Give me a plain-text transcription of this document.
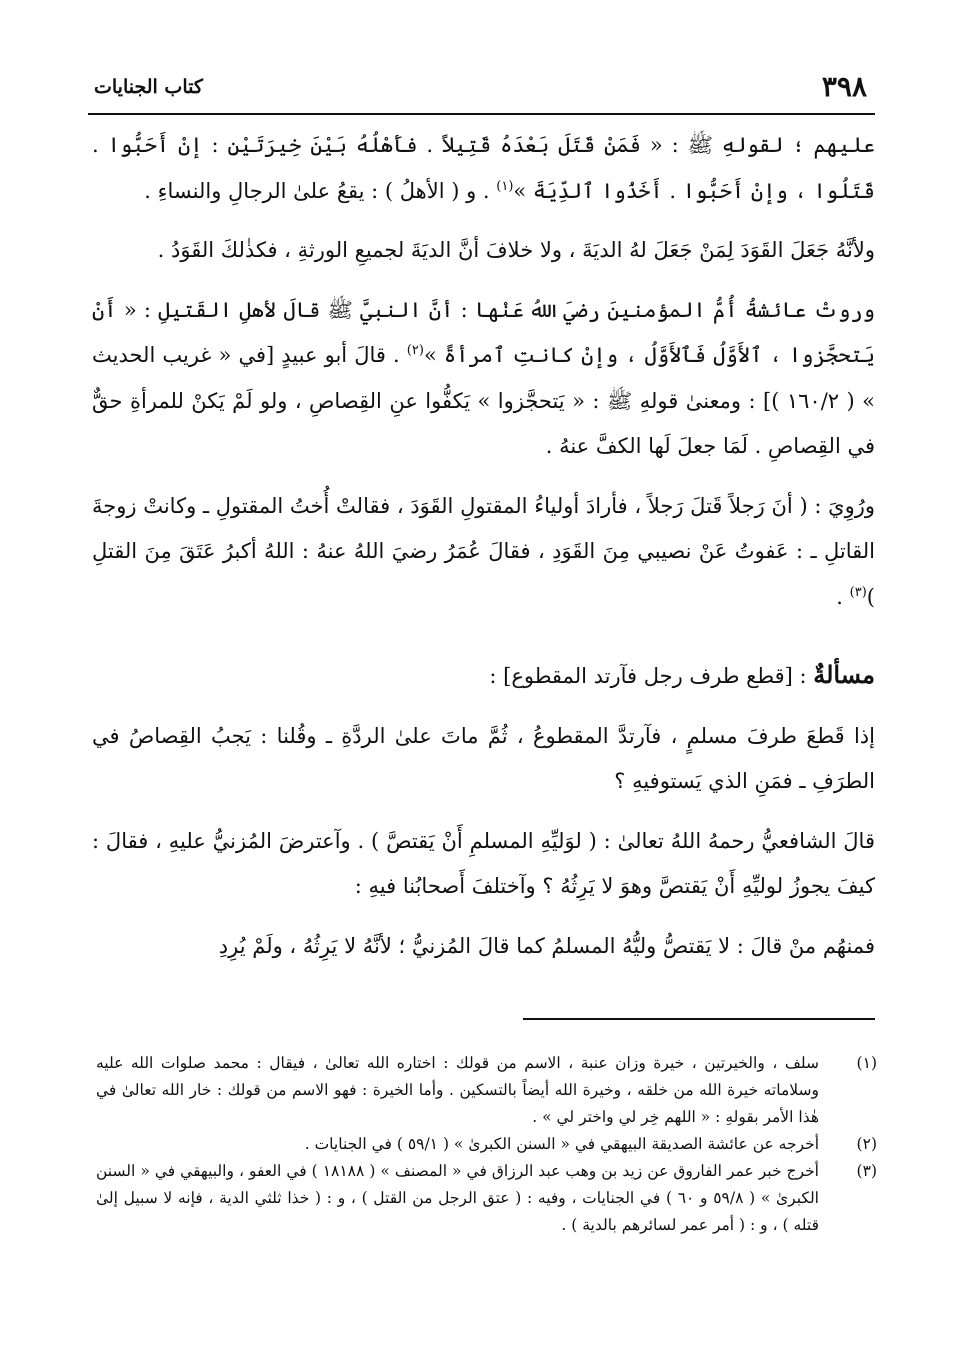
٣٩٨
كتاب الجنايات

عليهم ؛ لقولهِ ﷺ : « فَمَنْ قَتَلَ بَعْدَهُ قَتِيلاً . فأَهْلُهُ بَيْنَ خِيرَتَيْنِ : إنْ أَحَبُّوا . قَتَلُوا ، وإنْ أَحَبُّوا . أَخَذُوا ٱلدِّيَةَ »$^{(١)}$ . و ( الأهلُ ) : يقعُ علىٰ الرجالِ والنساءِ .

ولأنَّهُ جَعَلَ القَوَدَ لِمَنْ جَعَلَ لهُ الديَةَ ، ولا خلافَ أنَّ الديَةَ لجميعِ الورثةِ ، فكذٰلكَ القَوَدُ .

وروتْ عائشةُ أُمُّ المؤمنينَ رضيَ اللهُ عَنْها : أنَّ النبيَّ ﷺ قالَ لأهلِ القَتيلِ : « أَنْ يَتحجَّزوا ، ٱلأَوَّلُ فَٱلأَوَّلُ ، وإنْ كانتِ ٱمرأةً »$^{(٢)}$ . قالَ أبو عبيدٍ [في « غريب الحديث » ( ١٦٠/٢ )] : ومعنىٰ قولهِ ﷺ : « يَتحجَّزوا » يَكفُّوا عنِ القِصاصِ ، ولو لَمْ يَكنْ للمرأةِ حقٌّ في القِصاصِ . لَمَا جعلَ لَها الكفَّ عنهُ .

ورُوِيَ : ( أنَ رَجلاً قَتلَ رَجلاً ، فأرادَ أولياءُ المقتولِ القَوَدَ ، فقالتْ أُختُ المقتولِ ـ وكانتْ زوجةَ القاتلِ ـ : عَفوتُ عَنْ نصيبي مِنَ القَوَدِ ، فقالَ عُمَرُ رضيَ اللهُ عنهُ : اللهُ أكبرُ عَتَقَ مِنَ القتلِ )$^{(٣)}$ .

مسألةٌ : [قطع طرف رجل فآرتد المقطوع] :

إذا قَطعَ طرفَ مسلمٍ ، فآرتدَّ المقطوعُ ، ثُمَّ ماتَ علىٰ الردَّةِ ـ وقُلنا : يَجبُ القِصاصُ في الطرَفِ ـ فمَنِ الذي يَستوفيهِ ؟

قالَ الشافعيُّ رحمهُ اللهُ تعالىٰ : ( لوَليِّهِ المسلمِ أَنْ يَقتصَّ ) . وآعترضَ المُزنيُّ عليهِ ، فقالَ : كيفَ يجوزُ لوليِّهِ أَنْ يَقتصَّ وهوَ لا يَرِثُهُ ؟ وآختلفَ أَصحابُنا فيهِ :

فمنهُم منْ قالَ : لا يَقتصُّ وليُّهُ المسلمُ كما قالَ المُزنيُّ ؛ لأنَّهُ لا يَرِثُهُ ، ولَمْ يُرِدِ

(١)
سلف ، والخيرتين ، خيرة وزان عنبة ، الاسم من قولك : اختاره الله تعالىٰ ، فيقال : محمد صلوات الله عليه وسلاماته خيرة الله من خلقه ، وخيرة الله أيضاً بالتسكين . وأما الخيرة : فهو الاسم من قولك : خار الله تعالىٰ في هٰذا الأمر بقولهِ : « اللهم خِر لي واختر لي » .
(٢)
أخرجه عن عائشة الصديقة البيهقي في « السنن الكبرىٰ » ( ٥٩/١ ) في الجنايات .
(٣)
أخرج خبر عمر الفاروق عن زيد بن وهب عبد الرزاق في « المصنف » ( ١٨١٨٨ ) في العفو ، والبيهقي في « السنن الكبرىٰ » ( ٥٩/٨ و ٦٠ ) في الجنايات ، وفيه : ( عتق الرجل من القتل ) ، و : ( خذا ثلثي الدية ، فإنه لا سبيل إلىٰ قتله ) ، و : ( أمر عمر لسائرهم بالدية ) .
